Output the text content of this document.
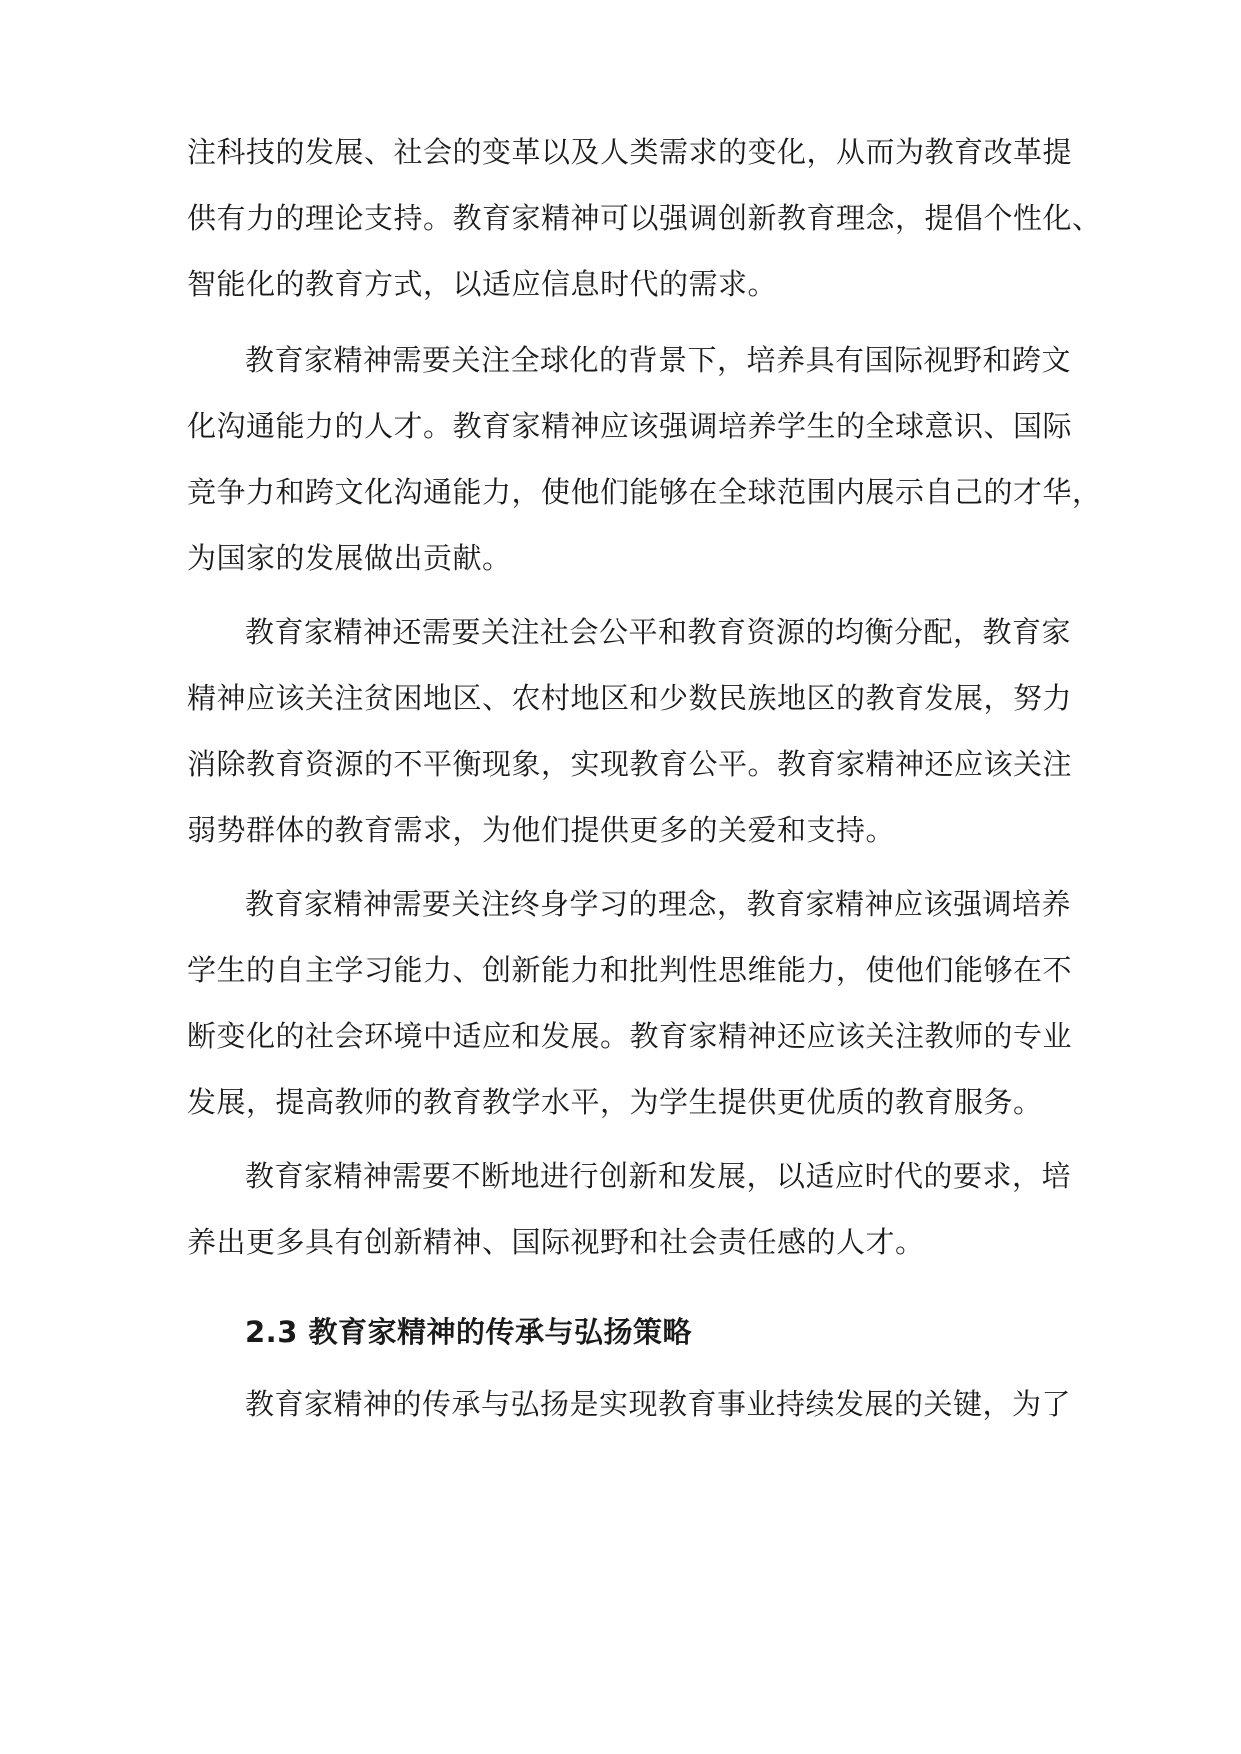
注科技的发展、社会的变革以及人类需求的变化，从而为教育改革提
供有力的理论支持。教育家精神可以强调创新教育理念，提倡个性化、
智能化的教育方式，以适应信息时代的需求。
教育家精神需要关注全球化的背景下，培养具有国际视野和跨文
化沟通能力的人才。教育家精神应该强调培养学生的全球意识、国际
竞争力和跨文化沟通能力，使他们能够在全球范围内展示自己的才华，
为国家的发展做出贡献。
教育家精神还需要关注社会公平和教育资源的均衡分配，教育家
精神应该关注贫困地区、农村地区和少数民族地区的教育发展，努力
消除教育资源的不平衡现象，实现教育公平。教育家精神还应该关注
弱势群体的教育需求，为他们提供更多的关爱和支持。
教育家精神需要关注终身学习的理念，教育家精神应该强调培养
学生的自主学习能力、创新能力和批判性思维能力，使他们能够在不
断变化的社会环境中适应和发展。教育家精神还应该关注教师的专业
发展，提高教师的教育教学水平，为学生提供更优质的教育服务。
教育家精神需要不断地进行创新和发展，以适应时代的要求，培
养出更多具有创新精神、国际视野和社会责任感的人才。
2.3 教育家精神的传承与弘扬策略
教育家精神的传承与弘扬是实现教育事业持续发展的关键，为了
